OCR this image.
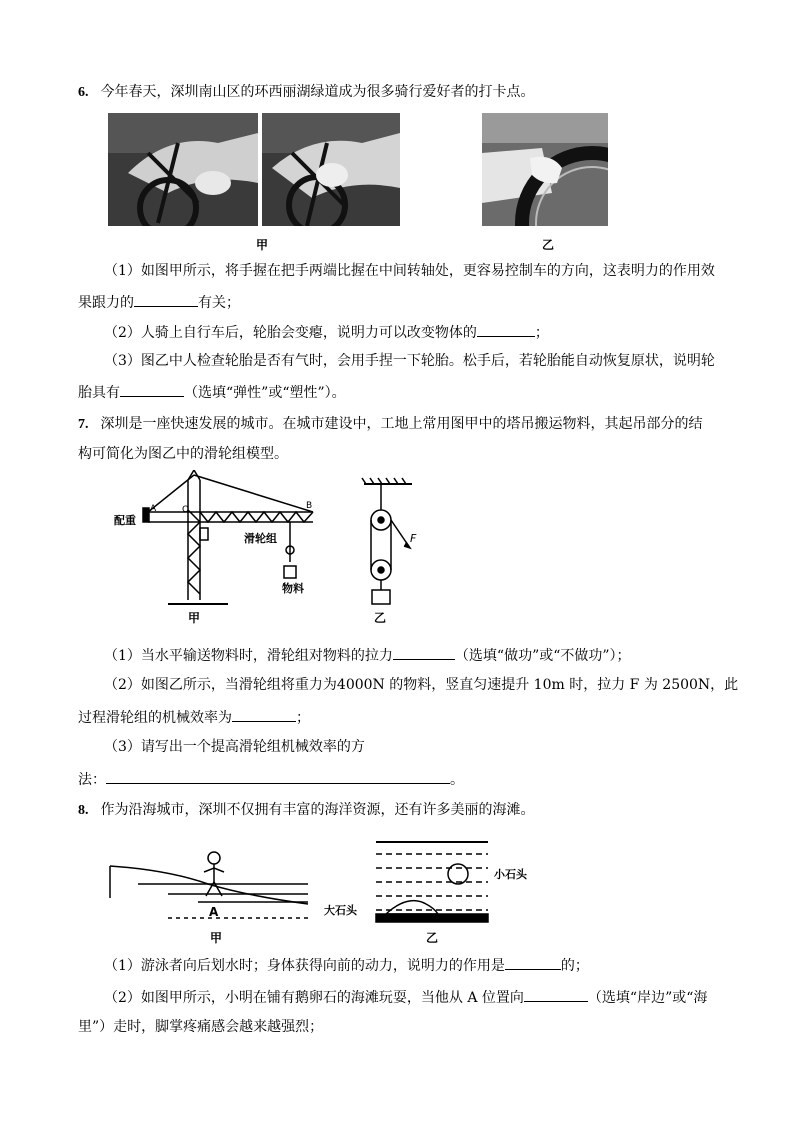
6. 今年春天，深圳南山区的环西丽湖绿道成为很多骑行爱好者的打卡点。
甲	乙
（1）如图甲所示，将手握在把手两端比握在中间转轴处，更容易控制车的方向，这表明力的作用效
果跟力的	有关；
（2）人骑上自行车后，轮胎会变瘪，说明力可以改变物体的	；
（3）图乙中人检查轮胎是否有气时，会用手捏一下轮胎。松手后，若轮胎能自动恢复原状，说明轮
胎具有	（选填“弹性”或“塑性”）。
7. 深圳是一座快速发展的城市。在城市建设中，工地上常用图甲中的塔吊搬运物料，其起吊部分的结
构可简化为图乙中的滑轮组模型。
配重
A	O	B
滑轮组
物料
甲
F
乙
（1）当水平输送物料时，滑轮组对物料的拉力	（选填“做功”或“不做功”）；
（2）如图乙所示，当滑轮组将重力为4000N 的物料，竖直匀速提升 10m 时，拉力 F 为 2500N，此
过程滑轮组的机械效率为	；
（3）请写出一个提高滑轮组机械效率的方
法：	。
8. 作为沿海城市，深圳不仅拥有丰富的海洋资源，还有许多美丽的海滩。
A
甲
小石头
大石头
乙
（1）游泳者向后划水时；身体获得向前的动力，说明力的作用是	的；
（2）如图甲所示，小明在铺有鹅卵石的海滩玩耍，当他从 A 位置向	（选填“岸边”或“海
里”）走时，脚掌疼痛感会越来越强烈；
